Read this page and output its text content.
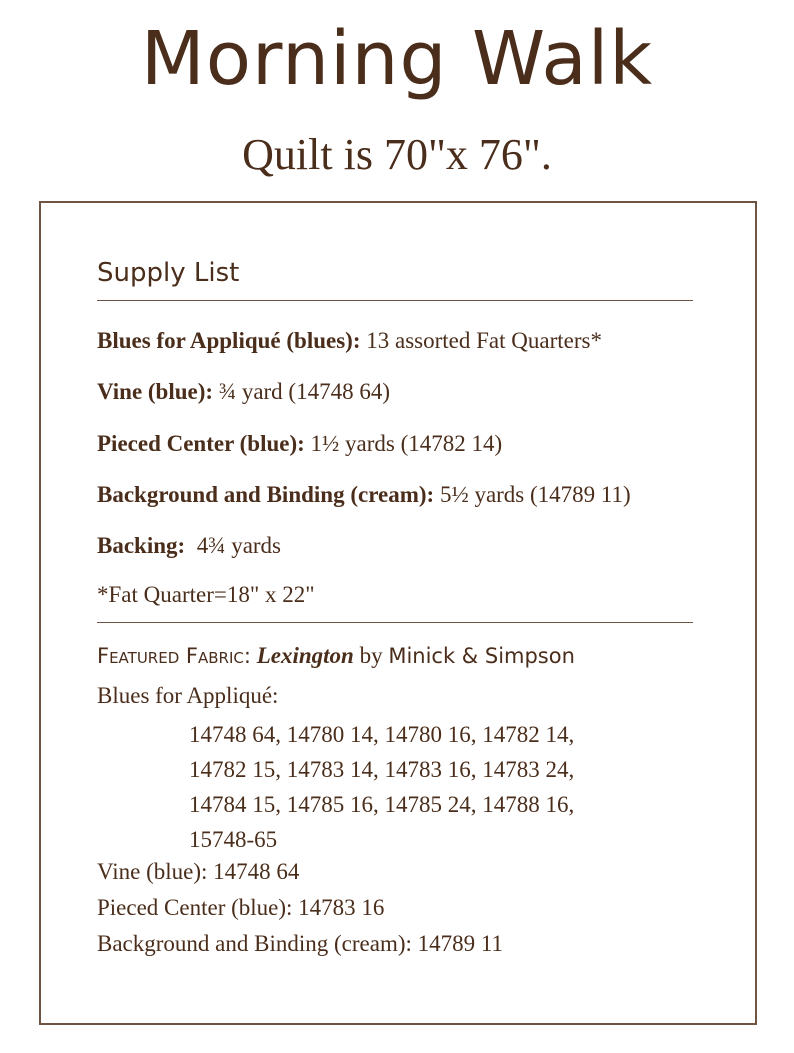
Morning Walk

Quilt is 70"x 76".

Supply List
Blues for Appliqué (blues): 13 assorted Fat Quarters*
Vine (blue): ¾ yard (14748 64)
Pieced Center (blue): 1½ yards (14782 14)
Background and Binding (cream): 5½ yards (14789 11)
Backing:  4¾ yards
*Fat Quarter=18" x 22"
Featured Fabric: Lexington by Minick & Simpson
Blues for Appliqué:
14748 64, 14780 14, 14780 16, 14782 14,
14782 15, 14783 14, 14783 16, 14783 24,
14784 15, 14785 16, 14785 24, 14788 16,
15748-65
Vine (blue): 14748 64
Pieced Center (blue): 14783 16
Background and Binding (cream): 14789 11
